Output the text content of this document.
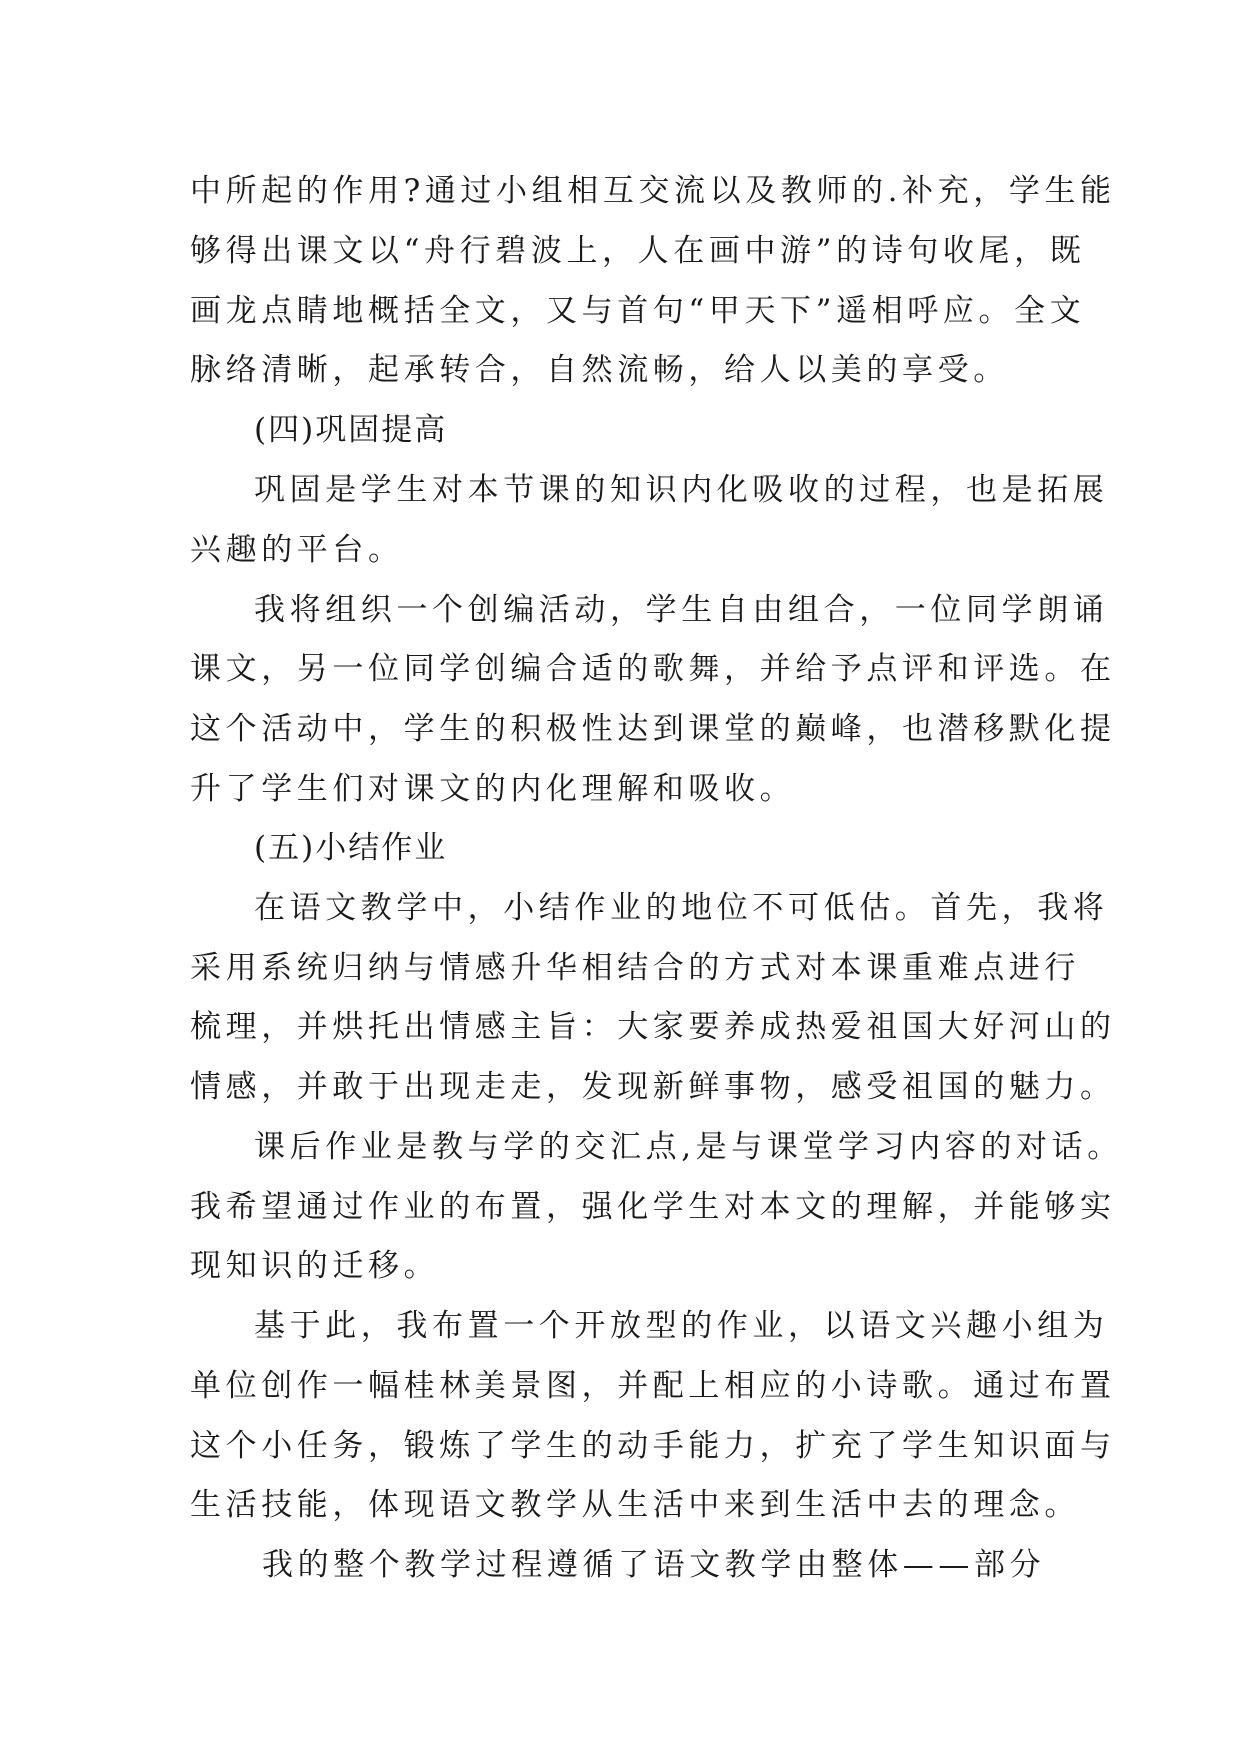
中所起的作用?通过小组相互交流以及教师的.补充，学生能
够得出课文以“舟行碧波上，人在画中游”的诗句收尾，既
画龙点睛地概括全文，又与首句“甲天下”遥相呼应。全文
脉络清晰，起承转合，自然流畅，给人以美的享受。
(四)巩固提高
巩固是学生对本节课的知识内化吸收的过程，也是拓展
兴趣的平台。
我将组织一个创编活动，学生自由组合，一位同学朗诵
课文，另一位同学创编合适的歌舞，并给予点评和评选。在
这个活动中，学生的积极性达到课堂的巅峰，也潜移默化提
升了学生们对课文的内化理解和吸收。
(五)小结作业
在语文教学中，小结作业的地位不可低估。首先，我将
采用系统归纳与情感升华相结合的方式对本课重难点进行
梳理，并烘托出情感主旨：大家要养成热爱祖国大好河山的
情感，并敢于出现走走，发现新鲜事物，感受祖国的魅力。
课后作业是教与学的交汇点,是与课堂学习内容的对话。
我希望通过作业的布置，强化学生对本文的理解，并能够实
现知识的迁移。
基于此，我布置一个开放型的作业，以语文兴趣小组为
单位创作一幅桂林美景图，并配上相应的小诗歌。通过布置
这个小任务，锻炼了学生的动手能力，扩充了学生知识面与
生活技能，体现语文教学从生活中来到生活中去的理念。
我的整个教学过程遵循了语文教学由整体——部分
